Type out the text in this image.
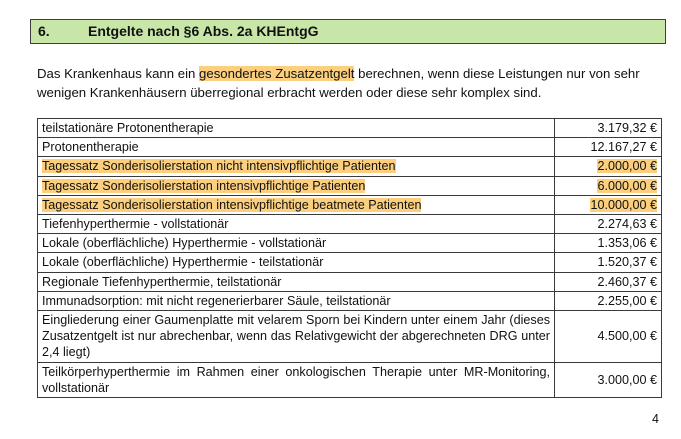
6.	Entgelte nach §6 Abs. 2a KHEntgG

Das Krankenhaus kann ein gesondertes Zusatzentgelt berechnen, wenn diese Leistungen nur von sehr
wenigen Krankenhäusern überregional erbracht werden oder diese sehr komplex sind.

teilstationäre Protonentherapie	3.179,32 €
Protonentherapie	12.167,27 €
Tagessatz Sonderisolierstation nicht intensivpflichtige Patienten	2.000,00 €
Tagessatz Sonderisolierstation intensivpflichtige Patienten	6.000,00 €
Tagessatz Sonderisolierstation intensivpflichtige beatmete Patienten	10.000,00 €
Tiefenhyperthermie - vollstationär	2.274,63 €
Lokale (oberflächliche) Hyperthermie - vollstationär	1.353,06 €
Lokale (oberflächliche) Hyperthermie - teilstationär	1.520,37 €
Regionale Tiefenhyperthermie, teilstationär	2.460,37 €
Immunadsorption: mit nicht regenerierbarer Säule, teilstationär	2.255,00 €
Eingliederung einer Gaumenplatte mit velarem Sporn bei Kindern unter einem Jahr (dieses Zusatzentgelt ist nur abrechenbar, wenn das Relativgewicht der abgerechneten DRG unter 2,4 liegt)	4.500,00 €
Teilkörperhyperthermie im Rahmen einer onkologischen Therapie unter MR-Monitoring, vollstationär	3.000,00 €
4
